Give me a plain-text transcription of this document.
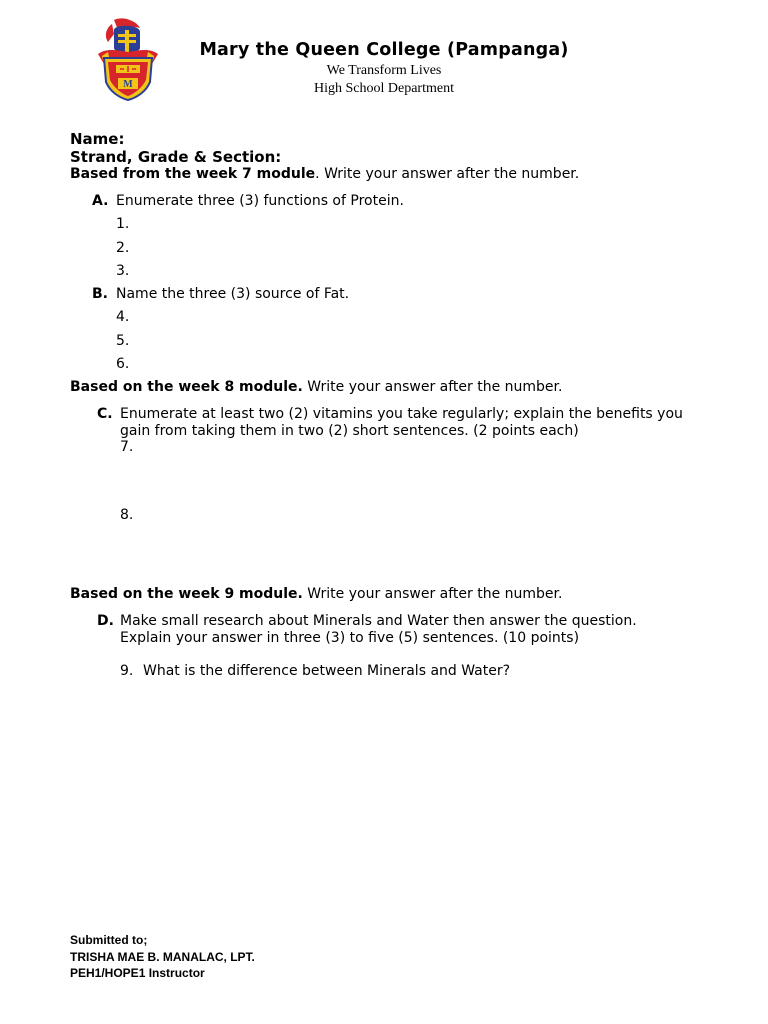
M
Mary the Queen College (Pampanga)
We Transform Lives
High School Department
Name:
Strand, Grade & Section:
Based from the week 7 module. Write your answer after the number.
A. Enumerate three (3) functions of Protein.
1.
2.
3.
B. Name the three (3) source of Fat.
4.
5.
6.
Based on the week 8 module. Write your answer after the number.
C. Enumerate at least two (2) vitamins you take regularly; explain the benefits you
gain from taking them in two (2) short sentences. (2 points each)
7.
8.
Based on the week 9 module. Write your answer after the number.
D. Make small research about Minerals and Water then answer the question.
Explain your answer in three (3) to five (5) sentences. (10 points)
9. What is the difference between Minerals and Water?
Submitted to;
TRISHA MAE B. MANALAC, LPT.
PEH1/HOPE1 Instructor
